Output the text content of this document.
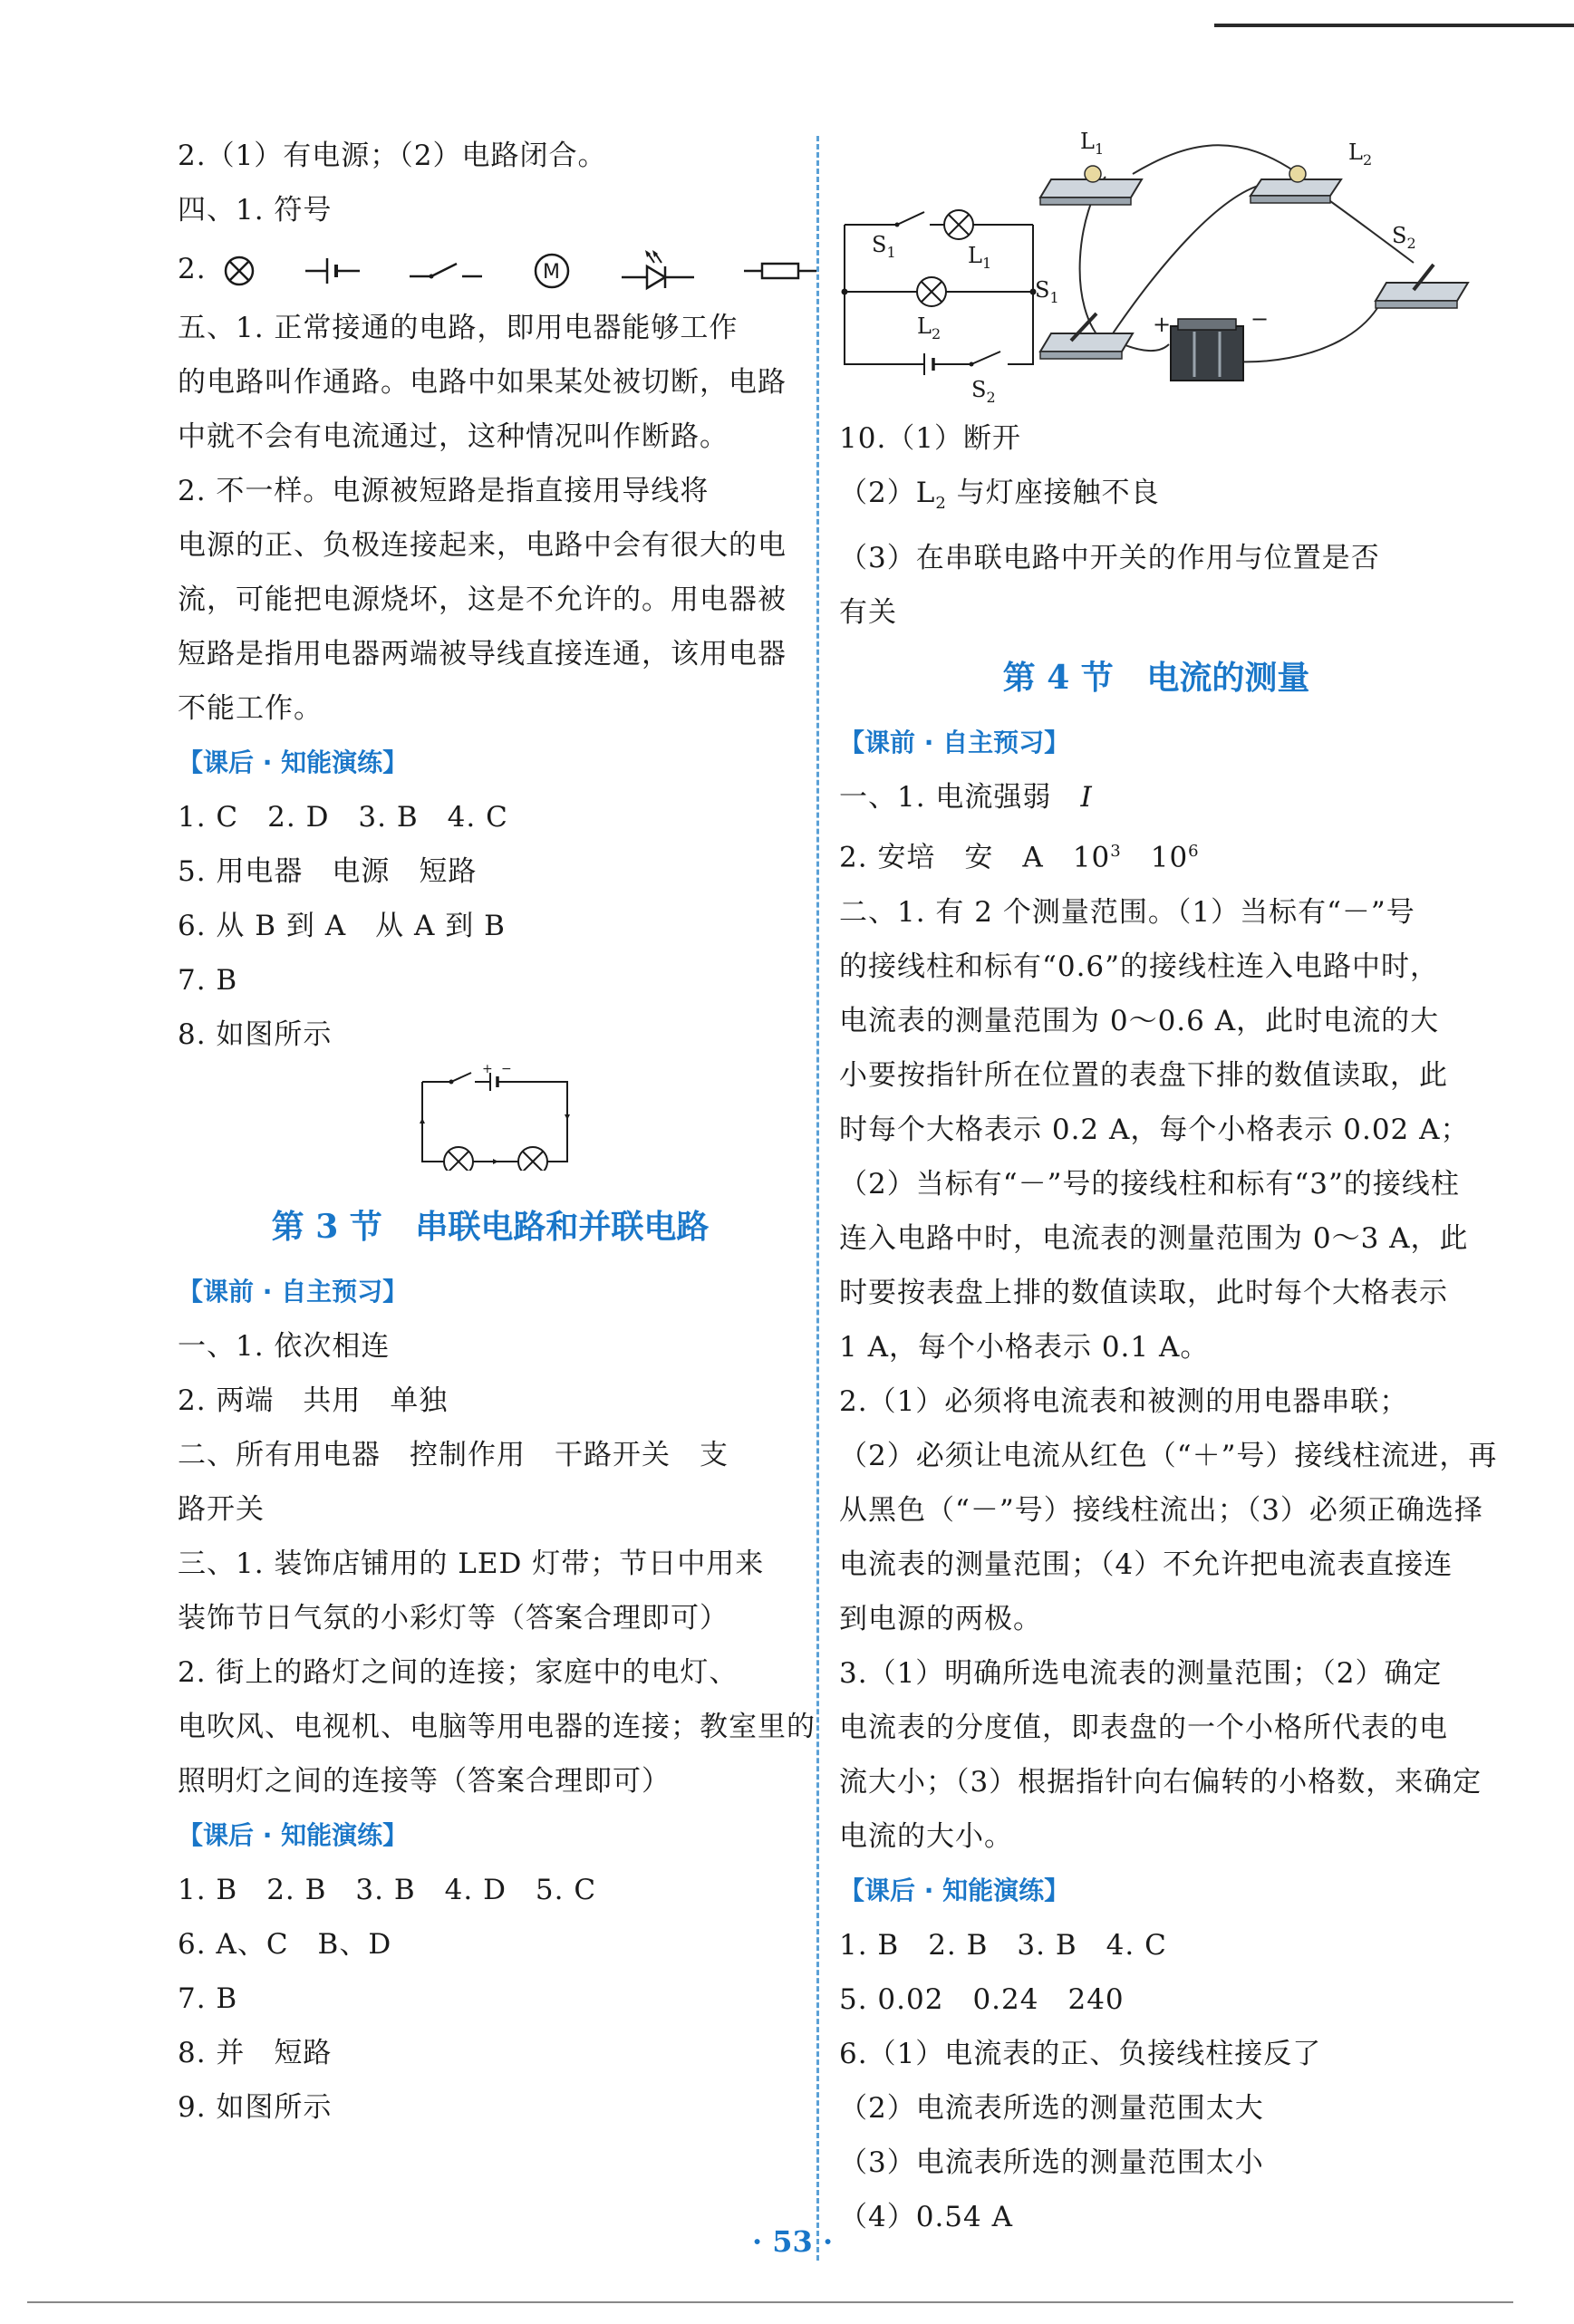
2.（1）有电源；（2）电路闭合。
四、1. 符号
2.	M

五、1. 正常接通的电路，即用电器能够工作
的电路叫作通路。电路中如果某处被切断，电路
中就不会有电流通过，这种情况叫作断路。
2. 不一样。电源被短路是指直接用导线将
电源的正、负极连接起来，电路中会有很大的电
流，可能把电源烧坏，这是不允许的。用电器被
短路是指用电器两端被导线直接连通，该用电器
不能工作。
【课后 · 知能演练】
1. C　2. D　3. B　4. C
5. 用电器　电源　短路
6. 从 B 到 A　从 A 到 B
7. B
8. 如图所示
+ −
第 3 节 串联电路和并联电路
【课前 · 自主预习】
一、1. 依次相连
2. 两端　共用　单独
二、所有用电器　控制作用　干路开关　支
路开关
三、1. 装饰店铺用的 LED 灯带；节日中用来
装饰节日气氛的小彩灯等（答案合理即可）
2. 街上的路灯之间的连接；家庭中的电灯、
电吹风、电视机、电脑等用电器的连接；教室里的
照明灯之间的连接等（答案合理即可）
【课后 · 知能演练】
1. B　2. B　3. B　4. D　5. C
6. A、C　B、D
7. B
8. 并　短路
9. 如图所示
$S_1$	$L_1$
$L_2$
$S_2$
$L_1$	$L_2$
$S_1$
$S_2$
+	−
10.（1）断开
$(2)L_2$ 与灯座接触不良
（3）在串联电路中开关的作用与位置是否
有关
第 4 节 电流的测量
【课前 · 自主预习】
一、1. 电流强弱　I
2. 安培　安　A　$10^3$　$10^6$
二、1. 有 2 个测量范围。（1）当标有“－”号
的接线柱和标有“0.6”的接线柱连入电路中时，
电流表的测量范围为 0～0.6 A，此时电流的大
小要按指针所在位置的表盘下排的数值读取，此
时每个大格表示 0.2 A，每个小格表示 0.02 A；
（2）当标有“－”号的接线柱和标有“3”的接线柱
连入电路中时，电流表的测量范围为 0～3 A，此
时要按表盘上排的数值读取，此时每个大格表示
1 A，每个小格表示 0.1 A。
2.（1）必须将电流表和被测的用电器串联；
（2）必须让电流从红色（“＋”号）接线柱流进，再
从黑色（“－”号）接线柱流出；（3）必须正确选择
电流表的测量范围；（4）不允许把电流表直接连
到电源的两极。
3.（1）明确所选电流表的测量范围；（2）确定
电流表的分度值，即表盘的一个小格所代表的电
流大小；（3）根据指针向右偏转的小格数，来确定
电流的大小。
【课后 · 知能演练】
1. B　2. B　3. B　4. C
5. 0.02　0.24　240
6.（1）电流表的正、负接线柱接反了
（2）电流表所选的测量范围太大
（3）电流表所选的测量范围太小
（4）0.54 A
· 53 ·
